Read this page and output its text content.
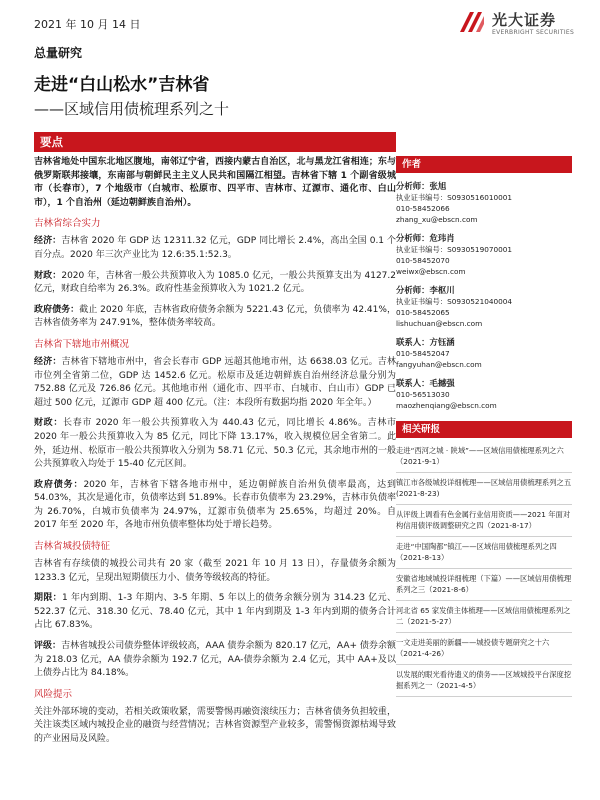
2021 年 10 月 14 日	光大证券
EVERBRIGHT SECURITIES
总量研究
走进“白山松水”吉林省
——区域信用债梳理系列之十
要点

吉林省地处中国东北地区腹地，南邻辽宁省，西接内蒙古自治区，北与黑龙江省相连；东与俄罗斯联邦接壤，东南部与朝鲜民主主义人民共和国隔江相望。吉林省下辖 1 个副省级城市（长春市），7 个地级市（白城市、松原市、四平市、吉林市、辽源市、通化市、白山市），1 个自治州（延边朝鲜族自治州）。

吉林省综合实力

经济：吉林省 2020 年 GDP 达 12311.32 亿元，GDP 同比增长 2.4%，高出全国 0.1 个百分点。2020 年三次产业比为 12.6:35.1:52.3。

财政：2020 年，吉林省一般公共预算收入为 1085.0 亿元，一般公共预算支出为 4127.2 亿元，财政自给率为 26.3%。政府性基金预算收入为 1021.2 亿元。

政府债务：截止 2020 年底，吉林省政府债务余额为 5221.43 亿元，负债率为 42.41%，吉林省债务率为 247.91%，整体债务率较高。

吉林省下辖地市州概况

经济：吉林省下辖地市州中，省会长春市 GDP 远超其他地市州，达 6638.03 亿元。吉林市位列全省第二位，GDP 达 1452.6 亿元。松原市及延边朝鲜族自治州经济总量分别为 752.88 亿元及 726.86 亿元。其他地市州（通化市、四平市、白城市、白山市）GDP 已超过 500 亿元，辽源市 GDP 超 400 亿元。（注：本段所有数据均指 2020 年全年。）

财政：长春市 2020 年一般公共预算收入为 440.43 亿元，同比增长 4.86%。吉林市 2020 年一般公共预算收入为 85 亿元，同比下降 13.17%，收入规模位居全省第二。此外，延边州、松原市一般公共预算收入分别为 58.71 亿元、50.3 亿元，其余地市州的一般公共预算收入均处于 15-40 亿元区间。

政府债务：2020 年，吉林省下辖各地市州中，延边朝鲜族自治州负债率最高，达到 54.03%，其次是通化市，负债率达到 51.89%。长春市负债率为 23.29%，吉林市负债率为 26.70%，白城市负债率为 24.97%，辽源市负债率为 25.65%，均超过 20%。自 2017 年至 2020 年，各地市州负债率整体均处于增长趋势。

吉林省城投债特征

吉林省有存续债的城投公司共有 20 家（截至 2021 年 10 月 13 日），存量债务余额为 1233.3 亿元，呈现出短期债压力小、债务等级较高的特征。

期限：1 年内到期、1-3 年期内、3-5 年期、5 年以上的债务余额分别为 314.23 亿元、522.37 亿元、318.30 亿元、78.40 亿元，其中 1 年内到期及 1-3 年内到期的债务合计占比 67.83%。

评级：吉林省城投公司债券整体评级较高，AAA 债券余额为 820.17 亿元，AA+ 债券余额为 218.03 亿元，AA 债券余额为 192.7 亿元，AA-债券余额为 2.4 亿元，其中 AA+及以上债券占比为 84.18%。

风险提示

关注外部环境的变动，若相关政策收紧，需要警惕再融资滚续压力；吉林省债务负担较重，关注该类区域内城投企业的融资与经营情况；吉林省资源型产业较多，需警惕资源枯竭导致的产业困局及风险。

作者
分析师：张旭
执业证书编号：S0930516010001
010-58452066
zhang_xu@ebscn.com
分析师：危玮肖
执业证书编号：S0930519070001
010-58452070
weiwx@ebscn.com
分析师：李枢川
执业证书编号：S0930521040004
010-58452065
lishuchuan@ebscn.com
联系人：方钰涵
010-58452047
fangyuhan@ebscn.com
联系人：毛撼强
010-56513030
maozhenqiang@ebscn.com
相关研报
走进“西河之城 · 陕域”——区域信用债梳理系列之六（2021-9-1）
镇江市各级城投详细梳理——区域信用债梳理系列之五(2021-8-23)
从评级上调看有色金属行业信用资质——2021 年面对构信用债评级调整研究之四（2021-8-17）
走进“中国陶都”镇江——区域信用债梳理系列之四（2021-8-13）
安徽省地域城投详细梳理（下篇）——区域信用债梳理系列之三（2021-8-6）
河北省 65 家发债主体梳理——区域信用债梳理系列之二（2021-5-27）
一文走进美丽的新疆——城投债专题研究之十六（2021-4-26）
以发展的眼光看待遗义的债务——区域城投平台深度挖掘系列之一（2021-4-5）
